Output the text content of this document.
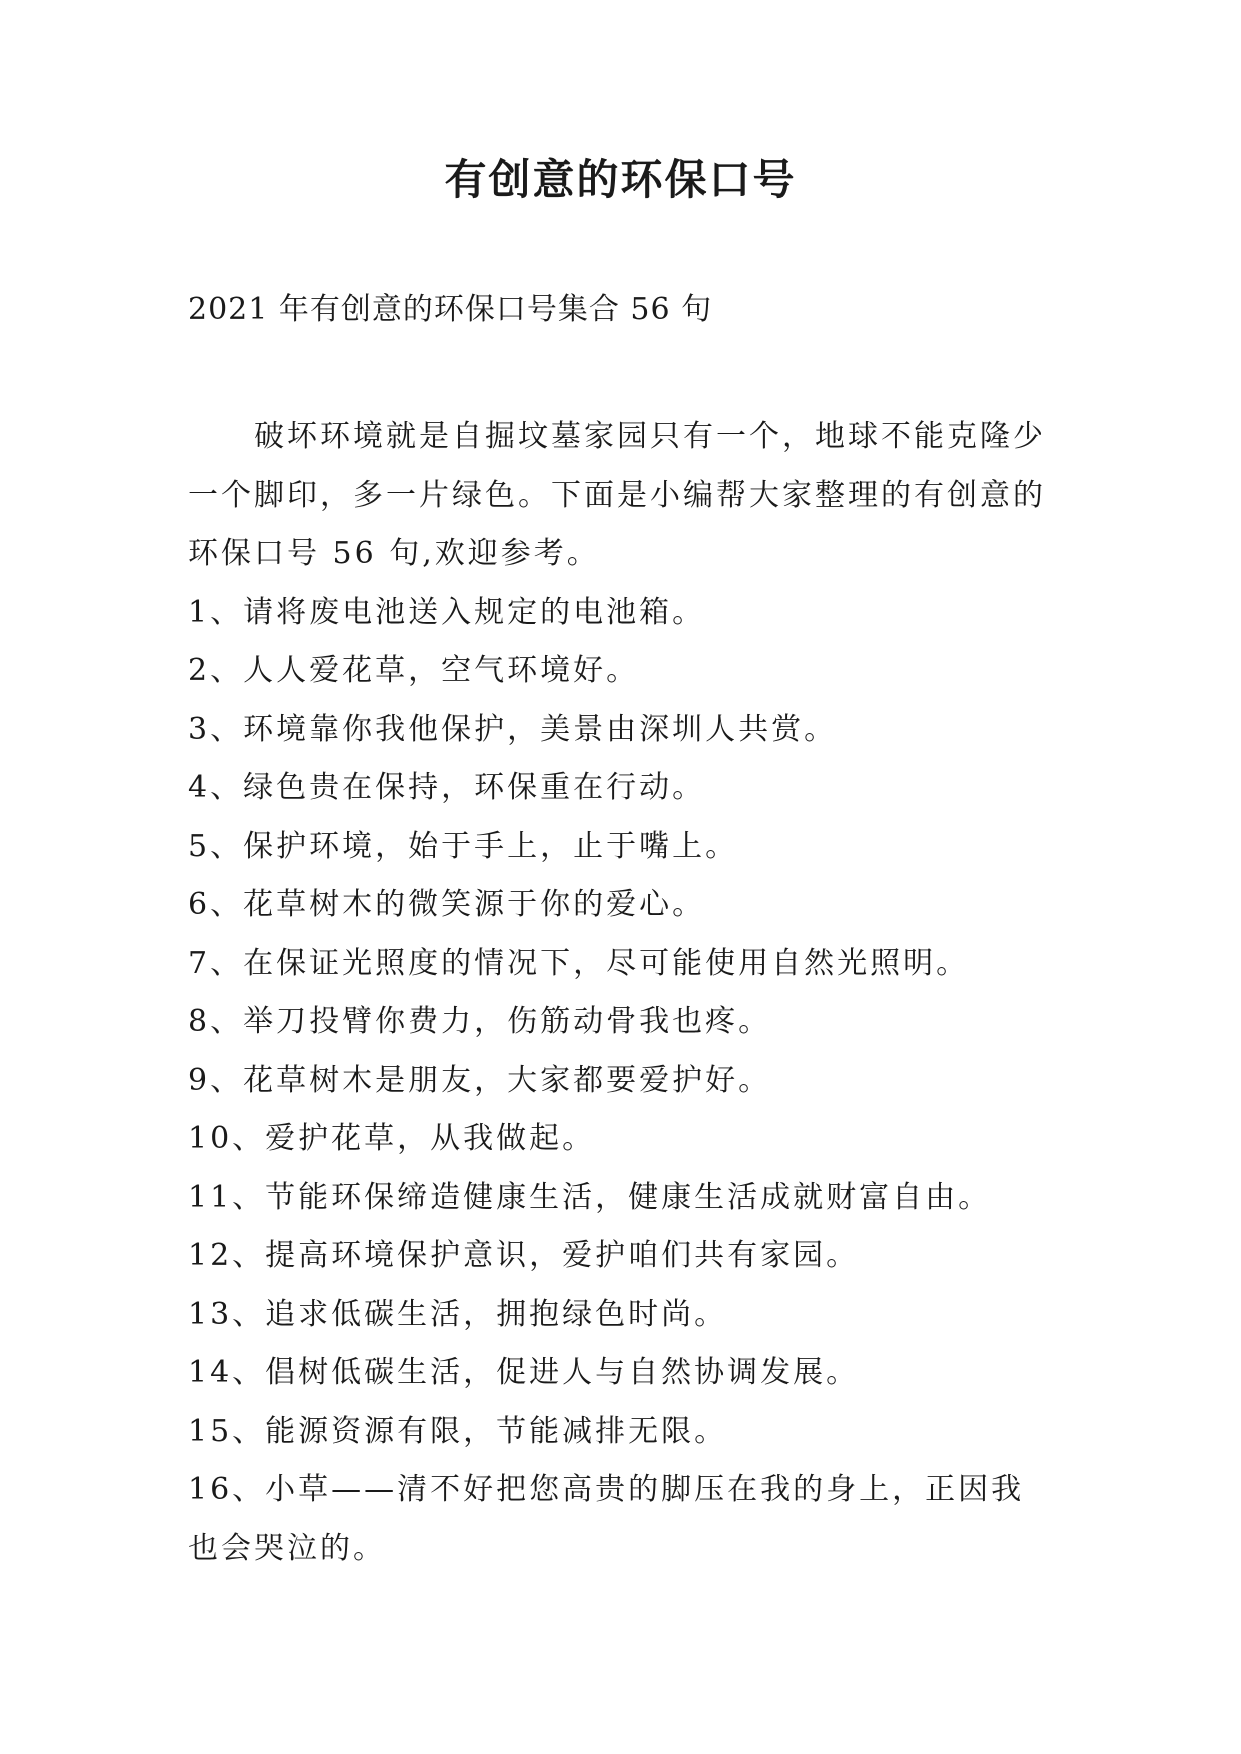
有创意的环保口号

2021 年有创意的环保口号集合 56 句

破坏环境就是自掘坟墓家园只有一个，地球不能克隆少一个脚印，多一片绿色。下面是小编帮大家整理的有创意的环保口号 56 句,欢迎参考。

1、请将废电池送入规定的电池箱。
2、人人爱花草，空气环境好。
3、环境靠你我他保护，美景由深圳人共赏。
4、绿色贵在保持，环保重在行动。
5、保护环境，始于手上，止于嘴上。
6、花草树木的微笑源于你的爱心。
7、在保证光照度的情况下，尽可能使用自然光照明。
8、举刀投臂你费力，伤筋动骨我也疼。
9、花草树木是朋友，大家都要爱护好。
10、爱护花草，从我做起。
11、节能环保缔造健康生活，健康生活成就财富自由。
12、提高环境保护意识，爱护咱们共有家园。
13、追求低碳生活，拥抱绿色时尚。
14、倡树低碳生活，促进人与自然协调发展。
15、能源资源有限，节能减排无限。
16、小草——清不好把您高贵的脚压在我的身上，正因我也会哭泣的。
